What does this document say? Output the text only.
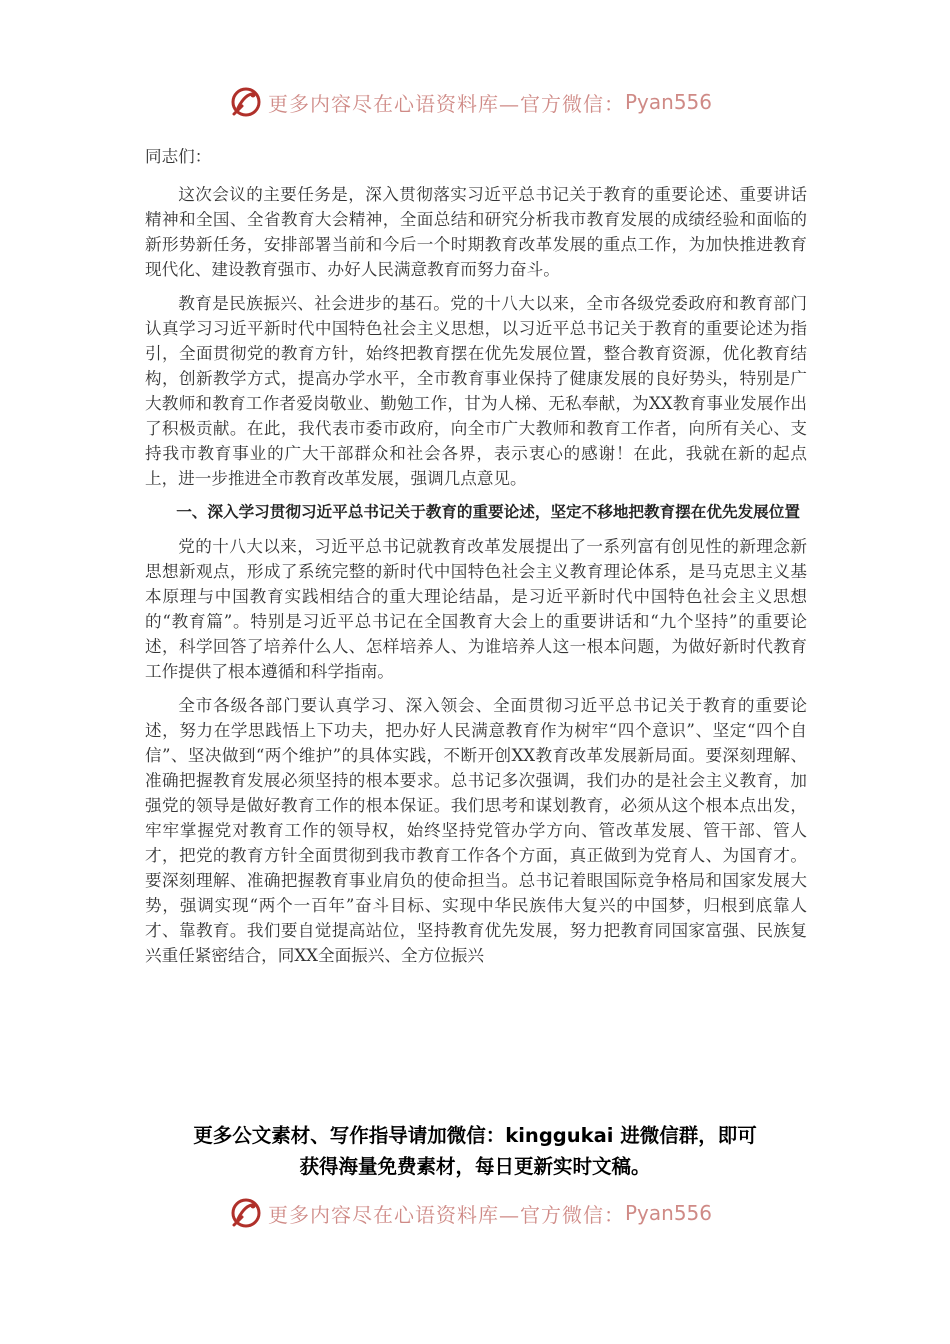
更多内容尽在心语资料库—官方微信： Pyan556

同志们：

这次会议的主要任务是，深入贯彻落实习近平总书记关于教育的重要论述、重要讲话精神和全国、全省教育大会精神，全面总结和研究分析我市教育发展的成绩经验和面临的新形势新任务，安排部署当前和今后一个时期教育改革发展的重点工作，为加快推进教育现代化、建设教育强市、办好人民满意教育而努力奋斗。

教育是民族振兴、社会进步的基石。党的十八大以来，全市各级党委政府和教育部门认真学习习近平新时代中国特色社会主义思想，以习近平总书记关于教育的重要论述为指引，全面贯彻党的教育方针，始终把教育摆在优先发展位置，整合教育资源，优化教育结构，创新教学方式，提高办学水平，全市教育事业保持了健康发展的良好势头，特别是广大教师和教育工作者爱岗敬业、勤勉工作，甘为人梯、无私奉献，为XX教育事业发展作出了积极贡献。在此，我代表市委市政府，向全市广大教师和教育工作者，向所有关心、支持我市教育事业的广大干部群众和社会各界，表示衷心的感谢！在此，我就在新的起点上，进一步推进全市教育改革发展，强调几点意见。

一、深入学习贯彻习近平总书记关于教育的重要论述，坚定不移地把教育摆在优先发展位置

党的十八大以来，习近平总书记就教育改革发展提出了一系列富有创见性的新理念新思想新观点，形成了系统完整的新时代中国特色社会主义教育理论体系，是马克思主义基本原理与中国教育实践相结合的重大理论结晶，是习近平新时代中国特色社会主义思想的“教育篇”。特别是习近平总书记在全国教育大会上的重要讲话和“九个坚持”的重要论述，科学回答了培养什么人、怎样培养人、为谁培养人这一根本问题，为做好新时代教育工作提供了根本遵循和科学指南。

全市各级各部门要认真学习、深入领会、全面贯彻习近平总书记关于教育的重要论述，努力在学思践悟上下功夫，把办好人民满意教育作为树牢“四个意识”、坚定“四个自信”、坚决做到“两个维护”的具体实践，不断开创XX教育改革发展新局面。要深刻理解、准确把握教育发展必须坚持的根本要求。总书记多次强调，我们办的是社会主义教育，加强党的领导是做好教育工作的根本保证。我们思考和谋划教育，必须从这个根本点出发，牢牢掌握党对教育工作的领导权，始终坚持党管办学方向、管改革发展、管干部、管人才，把党的教育方针全面贯彻到我市教育工作各个方面，真正做到为党育人、为国育才。要深刻理解、准确把握教育事业肩负的使命担当。总书记着眼国际竞争格局和国家发展大势，强调实现“两个一百年”奋斗目标、实现中华民族伟大复兴的中国梦，归根到底靠人才、靠教育。我们要自觉提高站位，坚持教育优先发展，努力把教育同国家富强、民族复兴重任紧密结合，同XX全面振兴、全方位振兴

更多公文素材、写作指导请加微信：kinggukai 进微信群，即可
获得海量免费素材，每日更新实时文稿。
更多内容尽在心语资料库—官方微信： Pyan556
